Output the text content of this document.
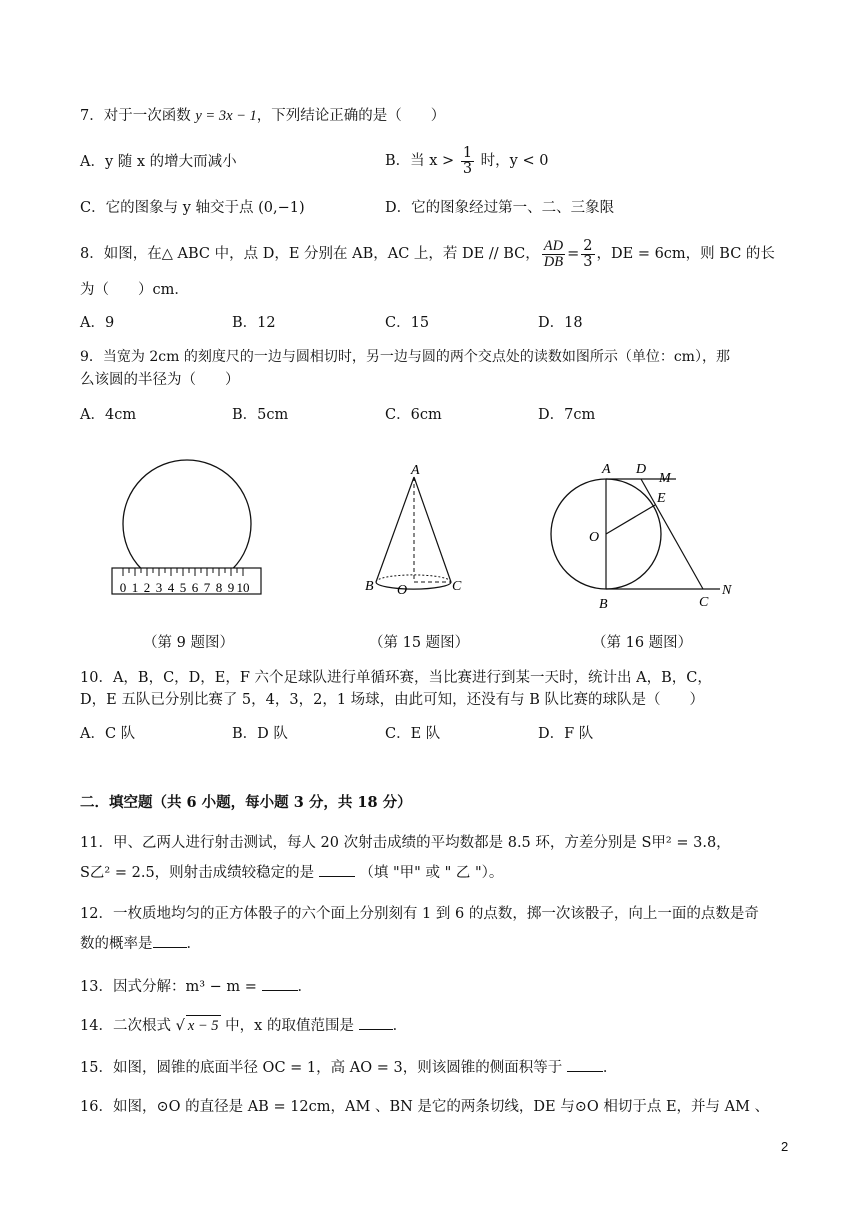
7．对于一次函数 y = 3x − 1，下列结论正确的是（　　）
A．y 随 x 的增大而减小	B．当 $x > \frac{1}{3}$ 时，y < 0
C．它的图象与 y 轴交于点 (0,−1)	D．它的图象经过第一、二、三象限
8．如图，在△ ABC 中，点 D，E 分别在 AB，AC 上，若 DE // BC， $\frac{AD}{DB} = \frac{2}{3}$ ，DE = 6cm，则 BC 的长
为（　　）cm．
A．9	B．12	C．15	D．18
9．当宽为 2cm 的刻度尺的一边与圆相切时，另一边与圆的两个交点处的读数如图所示（单位：cm），那
么该圆的半径为（　　）
A．4cm	B．5cm	C．6cm	D．7cm
0 1 2 3 4 5 6 7 8 9 10
A
B O	C
A D
M
E
O
B	C
N
（第 9 题图）	（第 15 题图）	（第 16 题图）
10．A，B，C，D，E，F 六个足球队进行单循环赛，当比赛进行到某一天时，统计出 A，B，C，
D，E 五队已分别比赛了 5，4，3，2，1 场球，由此可知，还没有与 B 队比赛的球队是（　　）
A．C 队	B．D 队	C．E 队	D．F 队
二．填空题（共 6 小题，每小题 3 分，共 18 分）
11．甲、乙两人进行射击测试，每人 20 次射击成绩的平均数都是 8.5 环，方差分别是 S甲² = 3.8，
S乙² = 2.5，则射击成绩较稳定的是	（填 "甲" 或 " 乙 "）。
12．一枚质地均匀的正方体骰子的六个面上分别刻有 1 到 6 的点数，掷一次该骰子，向上一面的点数是奇
数的概率是 ．
13．因式分解：m³ − m =	．
14．二次根式 √ x − 5 中，x 的取值范围是	．
15．如图，圆锥的底面半径 OC = 1，高 AO = 3，则该圆锥的侧面积等于	．
16．如图，⊙O 的直径是 AB = 12cm，AM 、BN 是它的两条切线，DE 与⊙O 相切于点 E，并与 AM 、
2
